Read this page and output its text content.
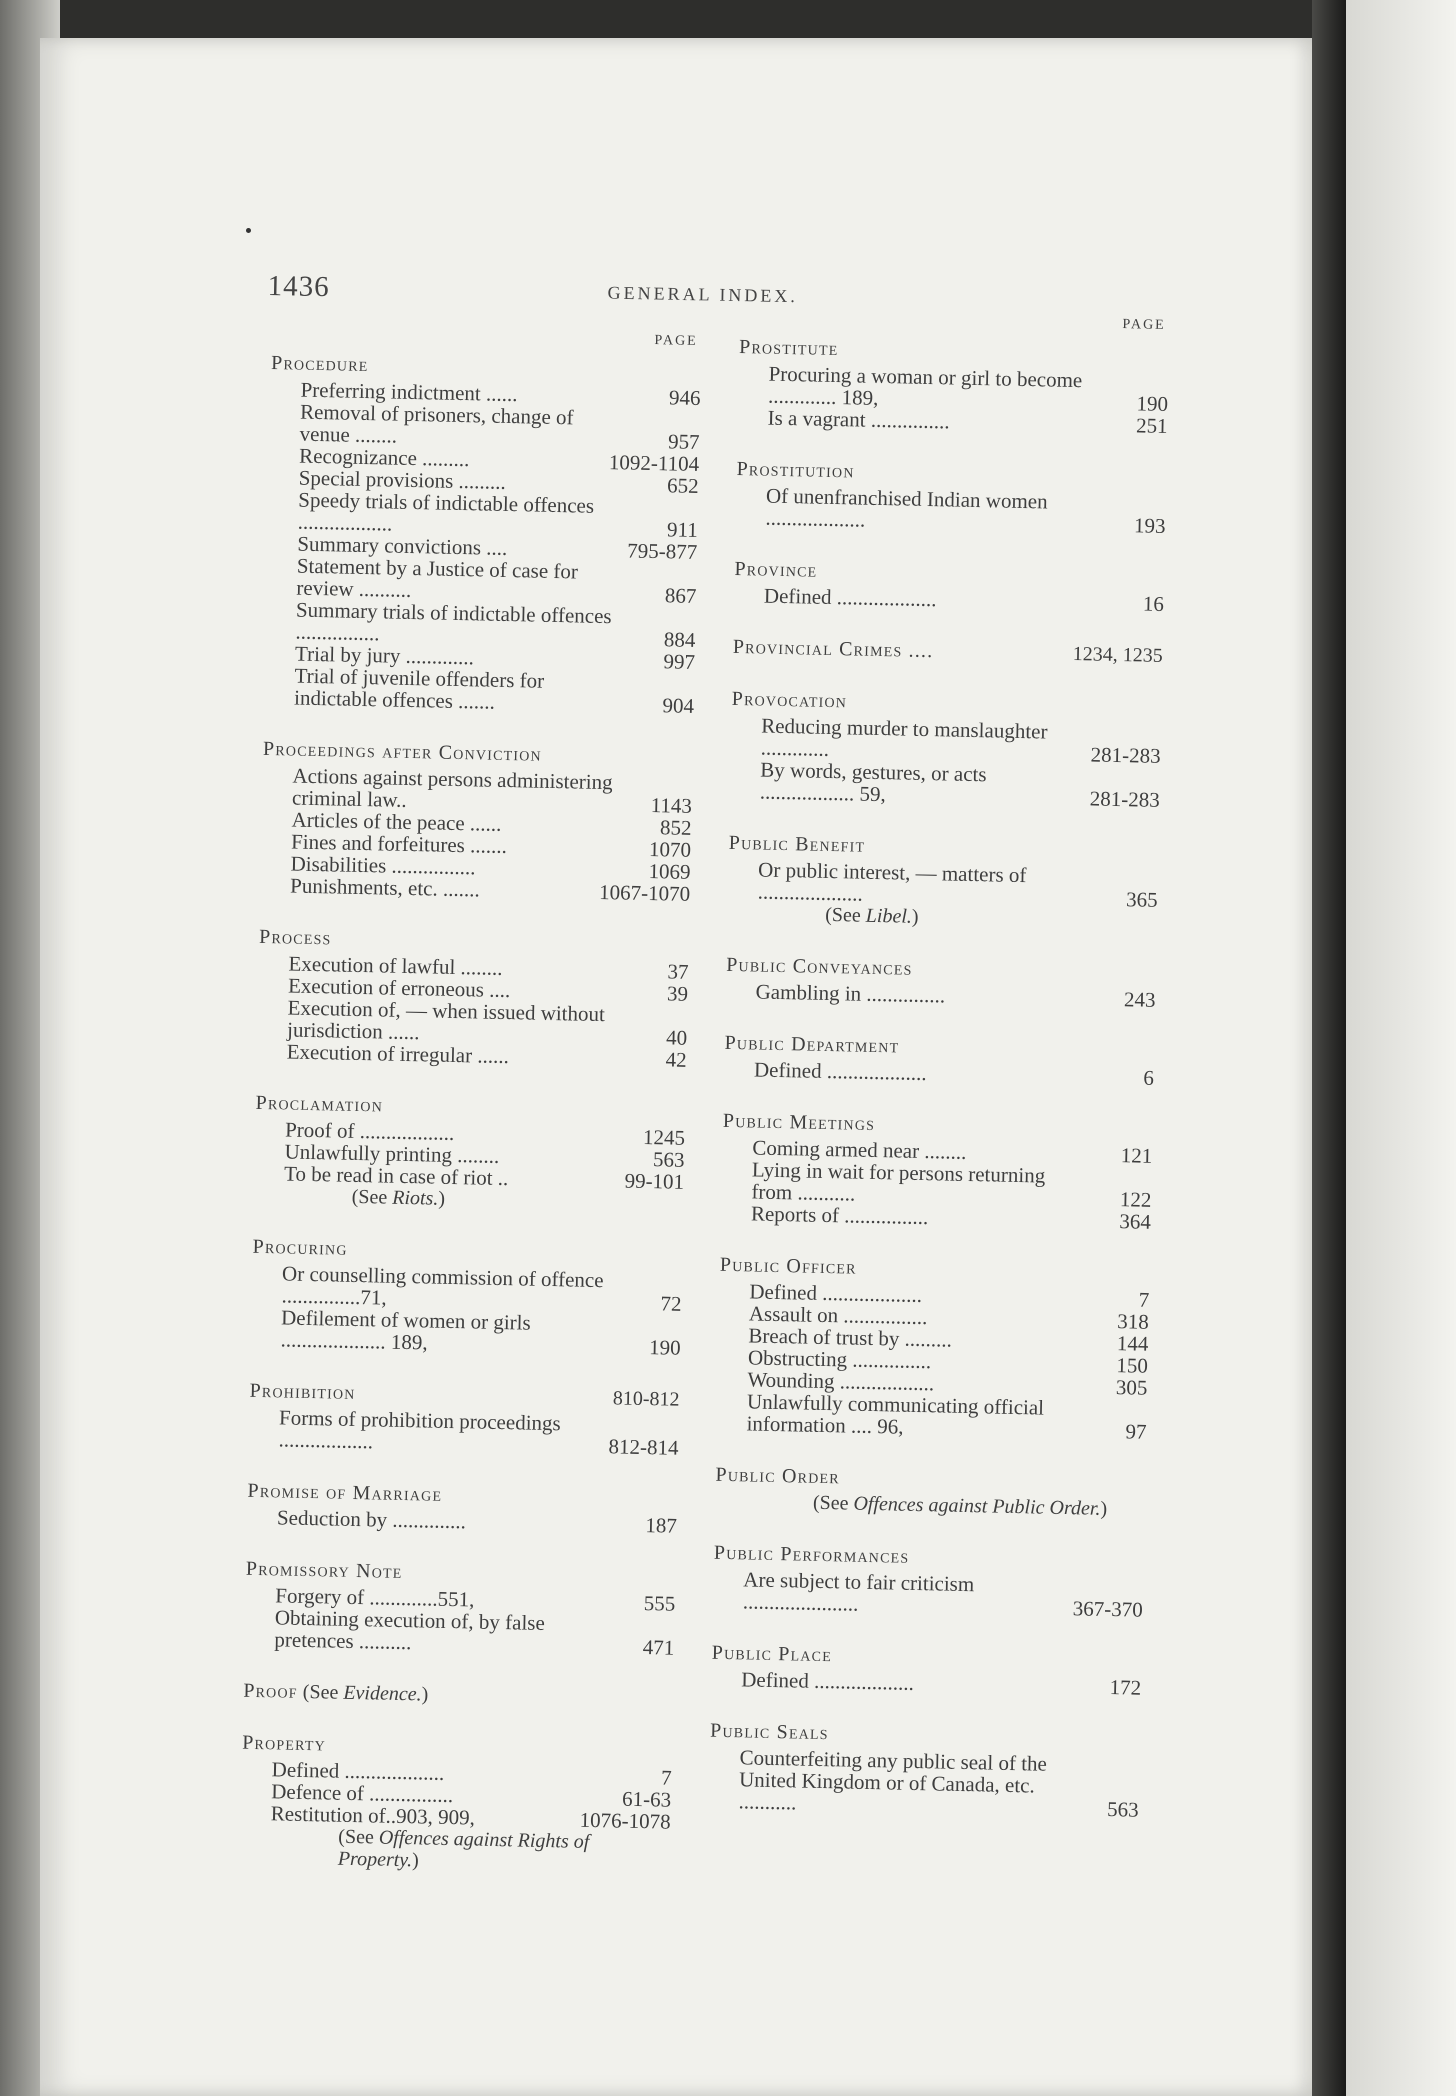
1436	GENERAL INDEX.
PAGE
Procedure
Preferring indictment ......	946
Removal of prisoners, change of venue ........	957
Recognizance .........	1092-1104
Special provisions .........	652
Speedy trials of indictable offences ..................	911
Summary convictions ....	795-877
Statement by a Justice of case for review ..........	867
Summary trials of indictable offences ................	884
Trial by jury .............	997
Trial of juvenile offenders for indictable offences .......	904
Proceedings after Conviction
Actions against persons administering criminal law..	1143
Articles of the peace ......	852
Fines and forfeitures .......	1070
Disabilities ................	1069
Punishments, etc. .......	1067-1070
Process
Execution of lawful ........	37
Execution of erroneous ....	39
Execution of, — when issued without jurisdiction ......	40
Execution of irregular ......	42
Proclamation
Proof of ..................	1245
Unlawfully printing ........	563
To be read in case of riot ..	99-101
(See Riots.)
Procuring
Or counselling commission of offence ...............71,	72
Defilement of women or girls .................... 189,	190
Prohibition	810-812
Forms of prohibition proceedings ..................	812-814
Promise of Marriage
Seduction by ..............	187
Promissory Note
Forgery of .............551,	555
Obtaining execution of, by false pretences ..........	471
Proof (See Evidence.)
Property
Defined ...................	7
Defence of ................	61-63
Restitution of..903, 909,	1076-1078
(See Offences against Rights of Property.)
PAGE
Prostitute
Procuring a woman or girl to become ............. 189,	190
Is a vagrant ...............	251
Prostitution
Of unenfranchised Indian women ...................	193
Province
Defined ...................	16
Provincial Crimes ....	1234, 1235
Provocation
Reducing murder to manslaughter .............	281-283
By words, gestures, or acts .................. 59,	281-283
Public Benefit
Or public interest, — matters of ....................	365
(See Libel.)
Public Conveyances
Gambling in ...............	243
Public Department
Defined ...................	6
Public Meetings
Coming armed near ........	121
Lying in wait for persons returning from ...........	122
Reports of ................	364
Public Officer
Defined ...................	7
Assault on ................	318
Breach of trust by .........	144
Obstructing ...............	150
Wounding ..................	305
Unlawfully communicating official information .... 96,	97
Public Order
(See Offences against Public Order.)
Public Performances
Are subject to fair criticism ......................	367-370
Public Place
Defined ...................	172
Public Seals
Counterfeiting any public seal of the United Kingdom or of Canada, etc. ...........	563
